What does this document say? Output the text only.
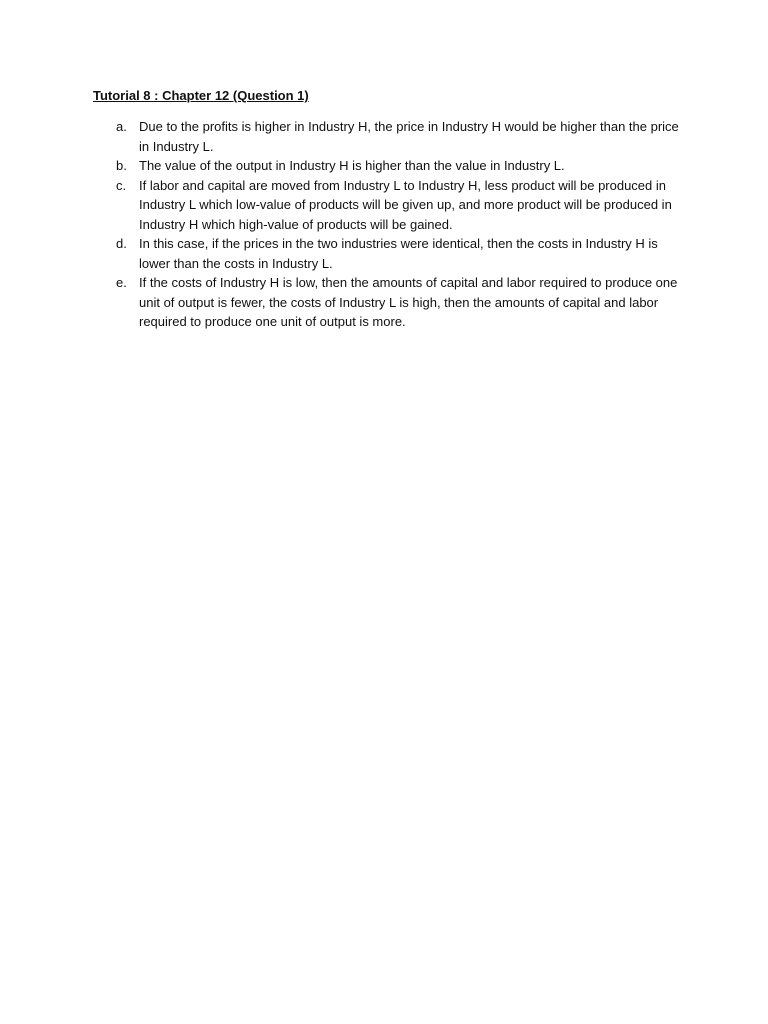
Tutorial 8 : Chapter 12 (Question 1)
a. Due to the profits is higher in Industry H, the price in Industry H would be higher than the price in Industry L.
b. The value of the output in Industry H is higher than the value in Industry L.
c. If labor and capital are moved from Industry L to Industry H, less product will be produced in Industry L which low-value of products will be given up, and more product will be produced in Industry H which high-value of products will be gained.
d. In this case, if the prices in the two industries were identical, then the costs in Industry H is lower than the costs in Industry L.
e. If the costs of Industry H is low, then the amounts of capital and labor required to produce one unit of output is fewer, the costs of Industry L is high, then the amounts of capital and labor required to produce one unit of output is more.
